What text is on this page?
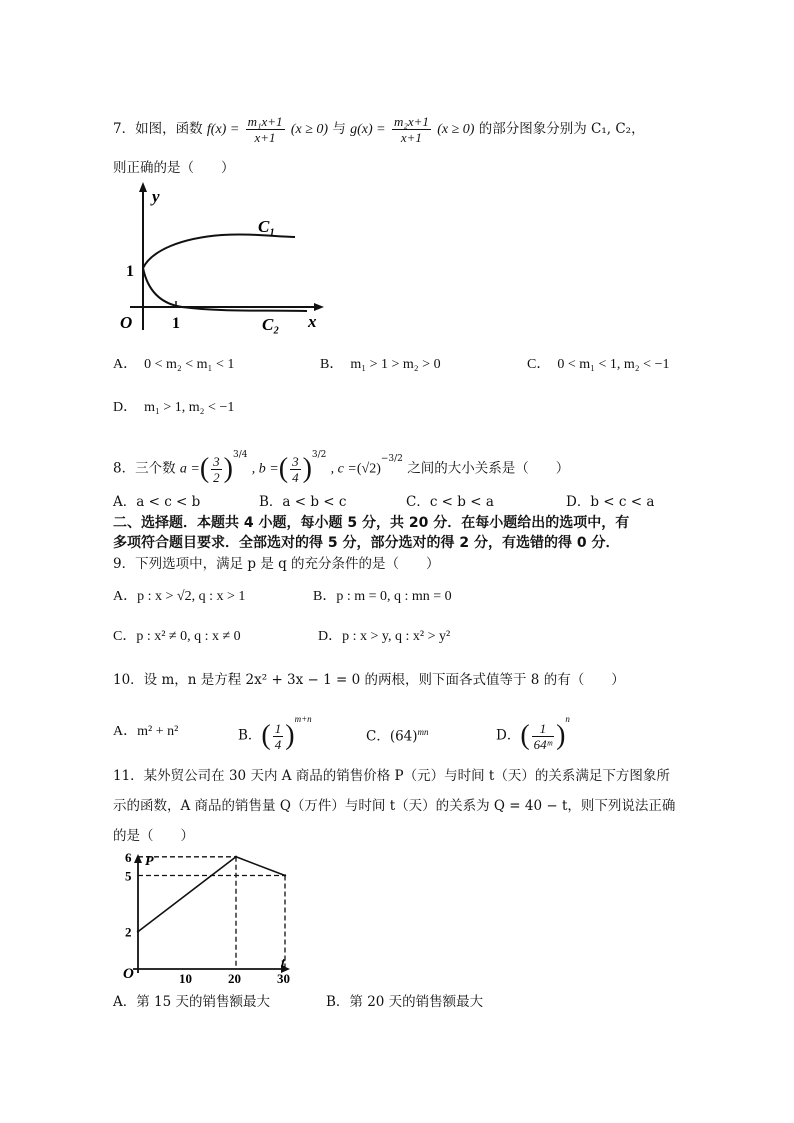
7．如图，函数 $f(x) = \frac{\text{m₁x+1}}{x+1} (x \ge 0)$ 与 $g(x) = \frac{\text{m₂x+1}}{x+1} (x \ge 0)$ 的部分图象分别为 C₁, C₂，
则正确的是（　　）
y
x
O
1
1
C₁
C₂
A．　0 < m₂ < m₁ < 1	B．　m₁ > 1 > m₂ > 0	C．　0 < m₁ < 1, m₂ < −1
D．　m₁ > 1, m₂ < −1
8．三个数 a =( $\frac{3}{2} )^{3/4}$ , b =( $\frac{3}{4} )^{3/2}$ , $c =(√2)^{-3/2}$ 之间的大小关系是（　　）
A．a < c < b	B．a < b < c	C．c < b < a	D．b < c < a
二、选择题．本题共 4 小题，每小题 5 分，共 20 分．在每小题给出的选项中，有
多项符合题目要求．全部选对的得 5 分，部分选对的得 2 分，有选错的得 0 分．
9．下列选项中，满足 p 是 q 的充分条件的是（　　）
A．p : x > √2, q : x > 1	B．p : m = 0, q : mn = 0
C．p : x² ≠ 0, q : x ≠ 0	D．p : x > y, q : x² > y²
10．设 m，n 是方程 2x² + 3x − 1 = 0 的两根，则下面各式值等于 8 的有（　　）
A．m² + n²	B．( $\frac{1}{4} )^{m+n}$
C．$(64)^{mn}$	D．( $\frac{1}{\text{64ᵐ}} )^n$
11．某外贸公司在 30 天内 A 商品的销售价格 P（元）与时间 t（天）的关系满足下方图象所
示的函数，A 商品的销售量 Q（万件）与时间 t（天）的关系为 Q = 40 − t，则下列说法正确
的是（　　）
P
t
O
2
5
6
10	20	30
A．第 15 天的销售额最大	B．第 20 天的销售额最大
